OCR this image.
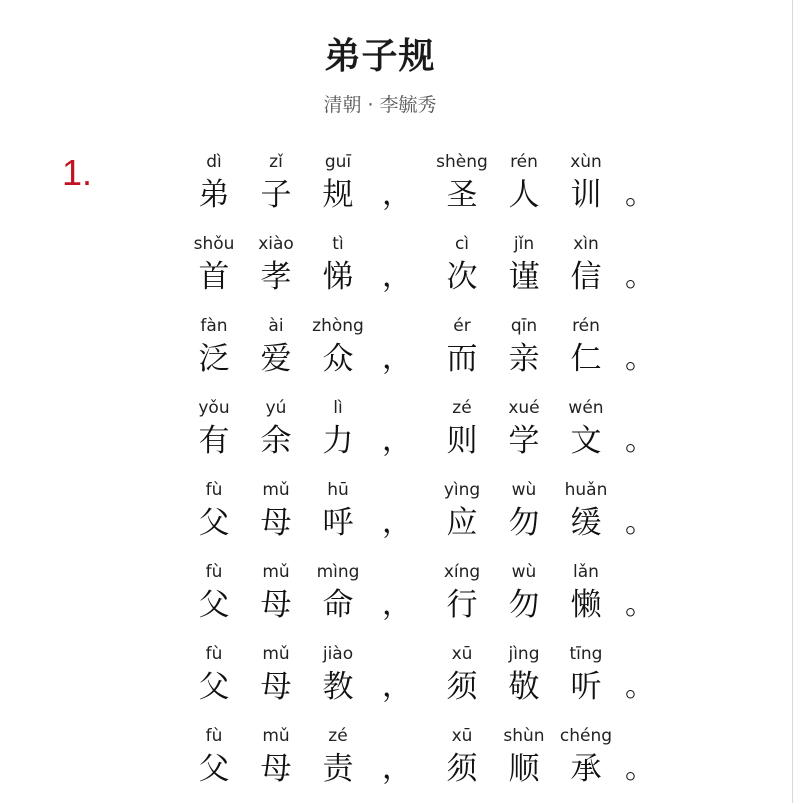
弟子规
清朝 · 李毓秀
1.	dì
弟
zǐ
子
guī
规 ，
shèng
圣
rén
人
xùn
训 。
shǒu
首
xiào
孝
tì
悌 ，
cì
次
jǐn
谨
xìn
信 。
fàn
泛
ài
爱
zhòng
众 ，
ér
而
qīn
亲
rén
仁 。
yǒu
有
yú
余
lì
力 ，
zé
则
xué
学
wén
文 。
fù
父
mǔ
母
hū
呼 ，
yìng
应
wù
勿
huǎn
缓 。
fù
父
mǔ
母
mìng
命 ，
xíng
行
wù
勿
lǎn
懒 。
fù
父
mǔ
母
jiào
教 ，
xū
须
jìng
敬
tīng
听 。
fù
父
mǔ
母
zé
责 ，
xū
须
shùn
顺
chéng
承 。
